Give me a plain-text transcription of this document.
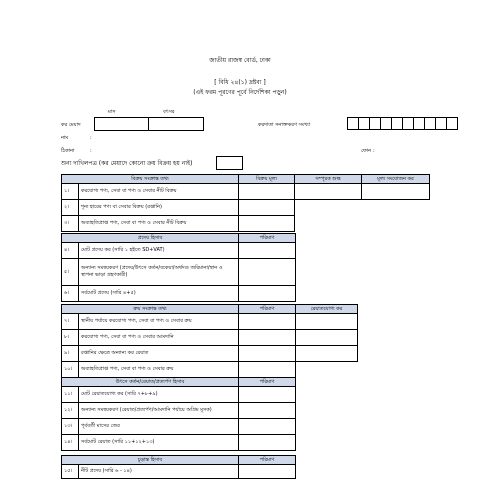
জাতীয় রাজস্ব বোর্ড, ঢাকা
[ বিধি ২৪(১) দ্রষ্টব্য ]
(এই ফরম পূরণের পূর্বে নির্দেশিকা পড়ুন)
মাস	বৎসর
কর মেয়াদ	করদাতা সনাক্তকরণ সংখ্যা
নাম	:
ঠিকানা	:	ফোন :
শুন্য দাখিলপত্র (কর মেয়াদে কোনো ক্রয় বিক্রয় হয় নাই)
বিক্রয় সংক্রান্ত তথ্য		বিক্রয় মূল্য	সম্পূরক শুল্ক	মূল্য সংযোজন কর
১।	করযোগ্য পণ্য, সেবা বা পণ্য ও সেবার নীট বিক্রয়			
২।	শূন্য হারের পণ্য বা সেবার বিক্রয় (রপ্তানি)			
৩।	অব্যাহতিপ্রাপ্ত পণ্য, সেবা বা পণ্য ও সেবার নীট বিক্রয়			
প্রদেয় হিসাব		পরিমাণ
৪।	মোট প্রদেয় কর (সারি ১ হইতে SD+VAT)	
৫।	অন্যান্য সমন্বয়করণ (প্রদেয়/উৎসে কর্তন/বকেয়া/অর্থদণ্ড জরিমানা/স্থান ও স্থাপনা ভাড়া গ্রহণকারী)	
৬।	সর্বমোট প্রদেয় (সারি ৪+৫)	
ক্রয় সংক্রান্ত তথ্য		পরিমাণ	রেয়াতযোগ্য কর
৭।	স্থানীয় পর্যায়ে করযোগ্য পণ্য, সেবা বা পণ্য ও সেবার ক্রয়		
৮।	করযোগ্য পণ্য, সেবা বা পণ্য ও সেবার আমদানি		
৯।	রপ্তানির ক্ষেত্রে অন্যান্য কর রেয়াত		
১০।	অব্যাহতিপ্রাপ্ত পণ্য, সেবা বা পণ্য ও সেবার ক্রয়		
উৎসে কর্তন/রেয়াত/প্রত্যর্পণ হিসাব		পরিমাণ
১১।	মোট রেয়াতযোগ্য কর (সারি ৭+৮+৯)	
১২।	অন্যান্য সমন্বয়করণ (রেয়াত/প্রত্যর্পণ/আমদানি পর্যায়ে অগ্রিম মূসক)	
১৩।	পূর্ববর্তী মাসের জের	
১৪।	সর্বমোট রেয়াত (সারি ১১+১২+১৩)	
চূড়ান্ত হিসাব		পরিমাণ
১৫।	নীট প্রদেয় (সারি ৬ - ১৪)	
